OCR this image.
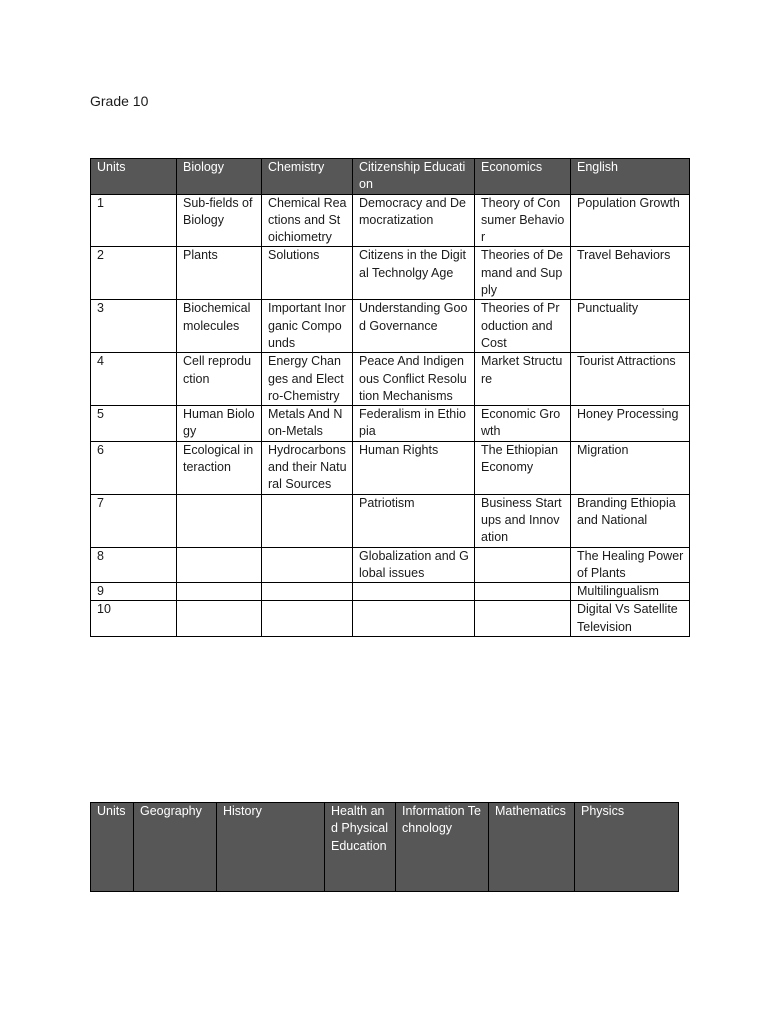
Grade 10

Units	Biology	Chemistry	Citizenship Education	Economics	English
1	Sub-fields of Biology	Chemical Reactions and Stoichiometry	Democracy and Democratization	Theory of Consumer Behavior	Population Growth
2	Plants	Solutions	Citizens in the Digital Technolgy Age	Theories of Demand and Supply	Travel Behaviors
3	Biochemical molecules	Important Inorganic Compounds	Understanding Good Governance	Theories of Production and Cost	Punctuality
4	Cell reproduction	Energy Changes and Electro-Chemistry	Peace And Indigenous Conflict Resolution Mechanisms	Market Structure	Tourist Attractions
5	Human Biology	Metals And Non-Metals	Federalism in Ethiopia	Economic Growth	Honey Processing
6	Ecological interaction	Hydrocarbons and their Natural Sources	Human Rights	The Ethiopian Economy	Migration
7			Patriotism	Business Startups and Innovation	Branding Ethiopia and National
8			Globalization and Global issues		The Healing Power of Plants
9					Multilingualism
10					Digital Vs Satellite Television
Units	Geography	History	Health and Physical Education	Information Technology	Mathematics	Physics
